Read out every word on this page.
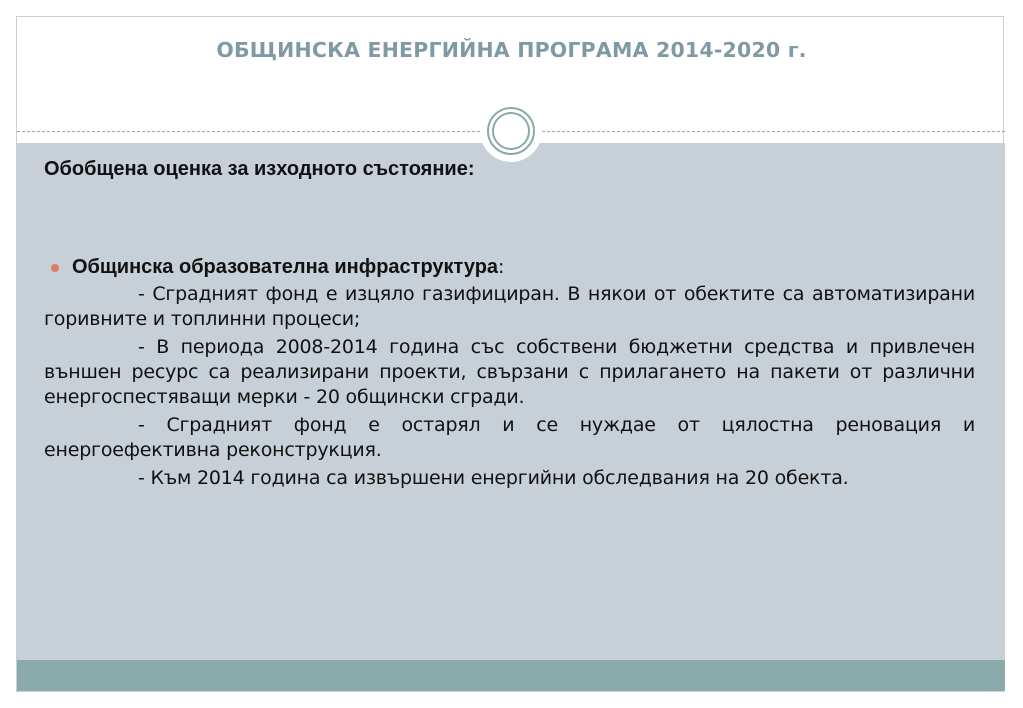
ОБЩИНСКА ЕНЕРГИЙНА ПРОГРАМА 2014-2020 г.

Обобщена оценка за изходното състояние:

Общинска образователна инфраструктура:

- Сградният фонд е изцяло газифициран. В някои от обектите са автоматизирани горивните и топлинни процеси;

- В периода 2008-2014 година със собствени бюджетни средства и привлечен външен ресурс са реализирани проекти, свързани с прилагането на пакети от различни енергоспестяващи мерки - 20 общински сгради.

- Сградният фонд е остарял и се нуждае от цялостна реновация и енергоефективна реконструкция.

- Към 2014 година са извършени енергийни обследвания на 20 обекта.
